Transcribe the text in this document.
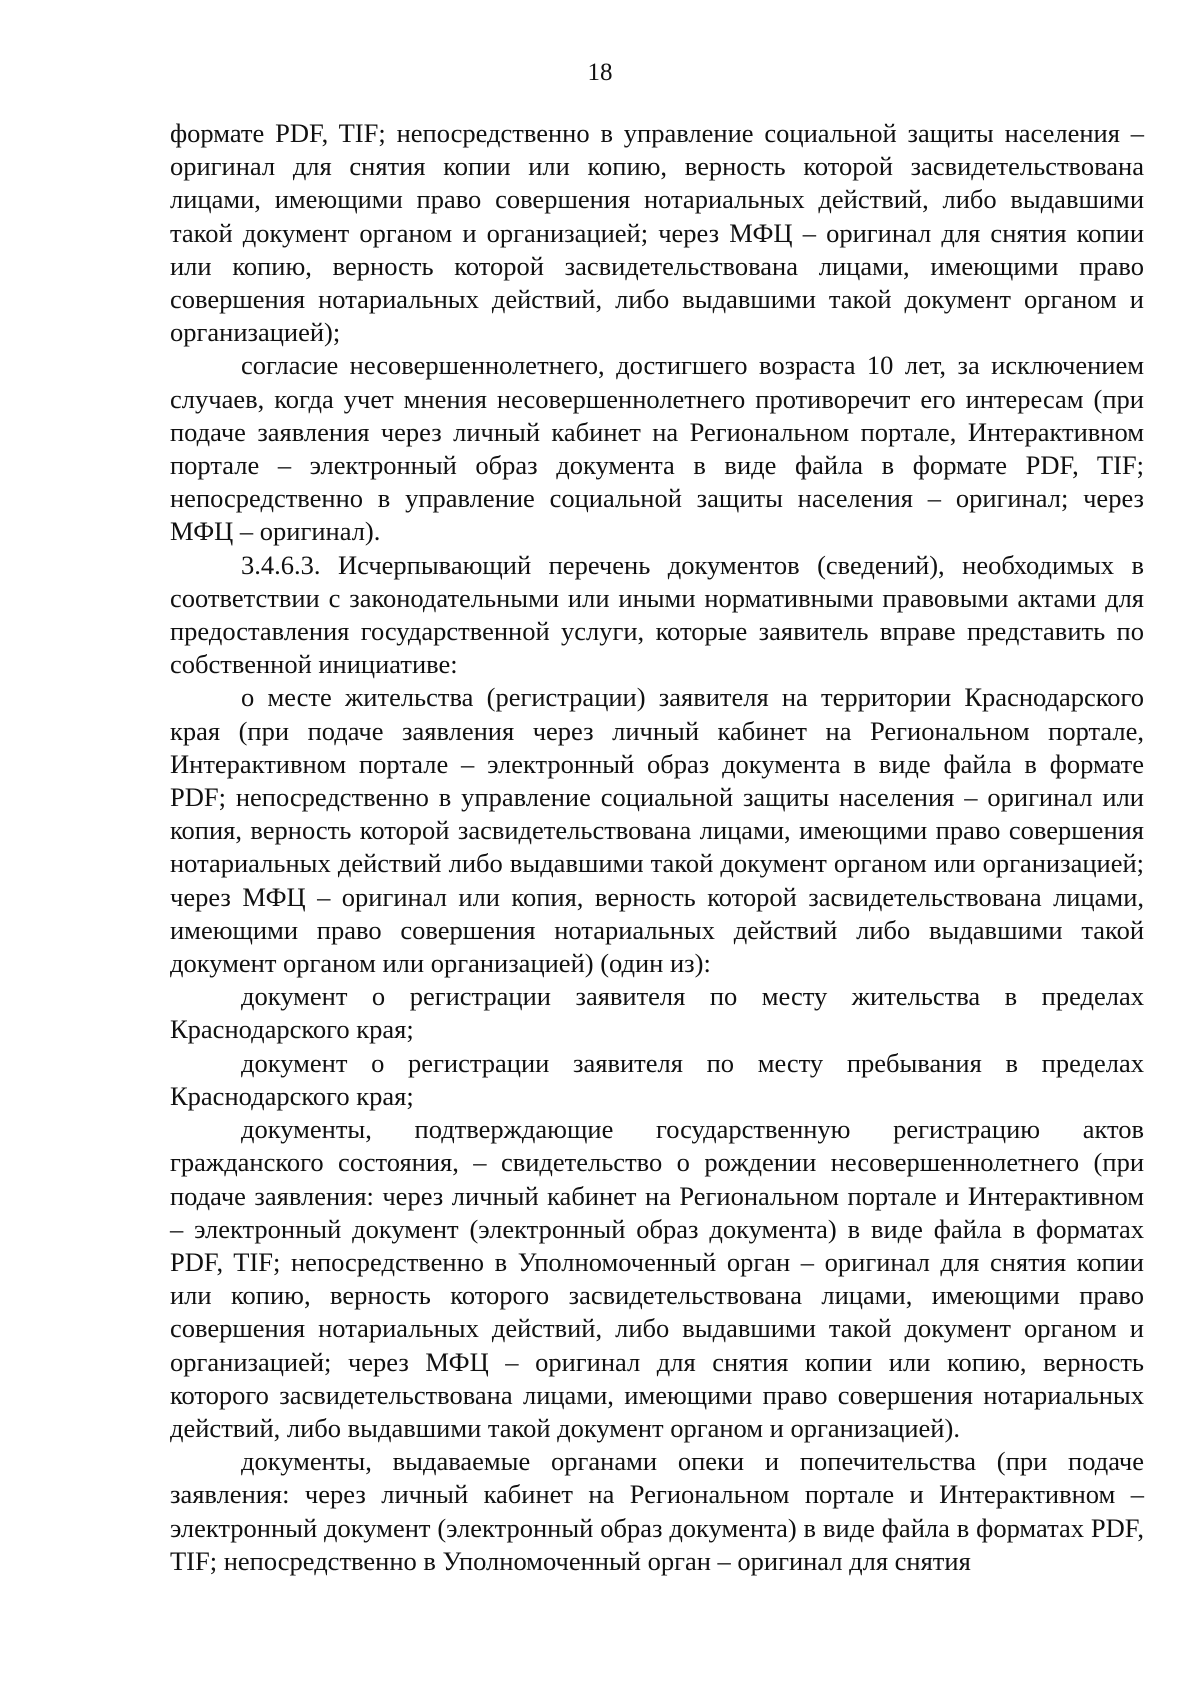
18

формате PDF, TIF; непосредственно в управление социальной защиты населения – оригинал для снятия копии или копию, верность которой засвидетельствована лицами, имеющими право совершения нотариальных действий, либо выдавшими такой документ органом и организацией; через МФЦ – оригинал для снятия копии или копию, верность которой засвидетельствована лицами, имеющими право совершения нотариальных действий, либо выдавшими такой документ органом и организацией);

согласие несовершеннолетнего, достигшего возраста 10 лет, за исключением случаев, когда учет мнения несовершеннолетнего противоречит его интересам (при подаче заявления через личный кабинет на Региональном портале, Интерактивном портале – электронный образ документа в виде файла в формате PDF, TIF; непосредственно в управление социальной защиты населения – оригинал; через МФЦ – оригинал).

3.4.6.3. Исчерпывающий перечень документов (сведений), необходимых в соответствии с законодательными или иными нормативными правовыми актами для предоставления государственной услуги, которые заявитель вправе представить по собственной инициативе:

о месте жительства (регистрации) заявителя на территории Краснодарского края (при подаче заявления через личный кабинет на Региональном портале, Интерактивном портале – электронный образ документа в виде файла в формате PDF; непосредственно в управление социальной защиты населения – оригинал или копия, верность которой засвидетельствована лицами, имеющими право совершения нотариальных действий либо выдавшими такой документ органом или организацией; через МФЦ – оригинал или копия, верность которой засвидетельствована лицами, имеющими право совершения нотариальных действий либо выдавшими такой документ органом или организацией) (один из):

документ о регистрации заявителя по месту жительства в пределах Краснодарского края;

документ о регистрации заявителя по месту пребывания в пределах Краснодарского края;

документы, подтверждающие государственную регистрацию актов гражданского состояния, – свидетельство о рождении несовершеннолетнего (при подаче заявления: через личный кабинет на Региональном портале и Интерактивном – электронный документ (электронный образ документа) в виде файла в форматах PDF, TIF; непосредственно в Уполномоченный орган – оригинал для снятия копии или копию, верность которого засвидетельствована лицами, имеющими право совершения нотариальных действий, либо выдавшими такой документ органом и организацией; через МФЦ – оригинал для снятия копии или копию, верность которого засвидетельствована лицами, имеющими право совершения нотариальных действий, либо выдавшими такой документ органом и организацией).

документы, выдаваемые органами опеки и попечительства (при подаче заявления: через личный кабинет на Региональном портале и Интерактивном – электронный документ (электронный образ документа) в виде файла в форматах PDF, TIF; непосредственно в Уполномоченный орган – оригинал для снятия
